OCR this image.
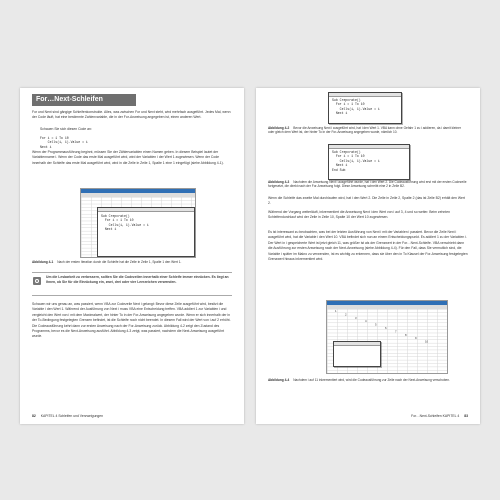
For…Next-Schleifen

For und Next sind gängige Schleifenkonstrukte. Alles, was zwischen For und Next steht, wird mehrfach ausgeführt. Jedes Mal, wenn der Code läuft, hat eine bestimmte Zahlenvariable, die in der For-Anweisung angegeben ist, einen anderen Wert.

Schauen Sie sich diesen Code an:

For i = 1 To 10
Cells(i, 1).Value = i
Next i

Wenn der Programmausführung beginnt, müssen Sie der Zählervariablen einen Namen geben. In diesem Beispiel lautet der Variablenname i. Wenn der Code das erste Mal ausgeführt wird, wird der Variablen i der Wert 1 zugewiesen. Wenn der Code innerhalb der Schleife das erste Mal ausgeführt wird, wird in die Zelle in Zeile 1, Spalte 1 eine 1 eingefügt (siehe Abbildung 4-1).

Sub Crepcrate()
For i = 1 To 10
Cells(i, 1).Value = i
Next i
Abbildung 4-1 Nach der ersten Iteration durch die Schleife hat die Zelle in Zeile 1, Spalte 1 den Wert 1.
Um die Lesbarkeit zu verbessern, sollten Sie die Codezeilen innerhalb einer Schleife immer einrücken. Es liegt an Ihnen, ob Sie für die Einrückung ein, zwei, drei oder vier Leerzeichen verwenden.

Schauen wir uns genau an, was passiert, wenn VBA zur Codezeile Next i gelangt: Bevor diese Zeile ausgeführt wird, besitzt die Variable i den Wert 1. Während der Ausführung von Next i muss VBA eine Entscheidung treffen. VBA addiert 1 zur Variablen i und vergleicht den Wert von i mit dem Maximalwert, der hinter To in der For-Anweisung angegeben wurde. Wenn er sich innerhalb der in der To-Bedingung festgelegten Grenzen befindet, ist die Schleife noch nicht beendet. In diesem Fall wird der Wert von i auf 2 erhöht. Die Codeausführung kehrt dann zur ersten Anweisung nach der For-Anweisung zurück. Abbildung 4-2 zeigt den Zustand des Programms, bevor es die Next-Anweisung ausführt. Abbildung 4-3 zeigt, was passiert, nachdem die Next-Anweisung ausgeführt wurde.

82 KAPITEL 4 Schleifen und Verzweigungen
Sub Crepcrate()
For i = 1 To 10
Cells(i, 1).Value = i
Next i
Abbildung 4-2 Bevor die Anweisung Next i ausgeführt wird, hat i den Wert 1. VBA kann ohne Gefahr 1 zu i addieren, da i damit kleiner oder gleich dem Wert ist, der hinter To in der For-Anweisung angegeben wurde, nämlich 10.
Sub Crepcrate()
For i = 1 To 10
Cells(i, 1).Value = i
Next i
End Sub
Abbildung 4-3 Nachdem die Anweisung Next i ausgeführt wurde, hat i den Wert 2. Die Codeausführung wird erst mit der ersten Codezeile fortgesetzt, die direkt nach der For-Anweisung folgt. Diese Anweisung schreibt eine 2 in Zelle B2.

Wenn die Schleife das zweite Mal durchlaufen wird, hat i den Wert 2. Die Zelle in Zeile 2, Spalte 2 (das ist Zelle B2) erhält den Wert 2.

Während der Vorgang weiterläuft, inkrementiert die Anweisung Next i den Wert von i auf 3, 4 und so weiter. Beim zehnten Schleifendurchlauf wird der Zelle in Zeile 10, Spalte 10 der Wert 10 zugewiesen.

Es ist interessant zu beobachten, was bei der letzten Ausführung von Next i mit der Variablen i passiert. Bevor die Zeile Next i ausgeführt wird, hat die Variable i den Wert 10. VBA befindet sich nun an einem Entscheidungspunkt. Es addiert 1 zu der Variablen i. Der Wert in i gespeicherte Wert ist jetzt gleich 11, was größer ist als der Grenzwert in der For…Next-Schleife. VBA verschiebt dann die Ausführung zur ersten Anweisung nach der Next-Anweisung (siehe Abbildung 4-4). Für den Fall, dass Sie vermutlich sind, die Variable i später im Makro zu verwenden, ist es wichtig zu erkennen, dass sie über den in To Klausel der For-Anweisung festgelegten Grenzwert hinaus inkrementiert wird.

1
2
3
4
5
6
7
8
9
10
Abbildung 4-4 Nachdem i auf 11 inkrementiert wird, wird die Codeausführung zur Zeile nach der Next-Anweisung verschoben.
For…Next-Schleifen KAPITEL 4 83
